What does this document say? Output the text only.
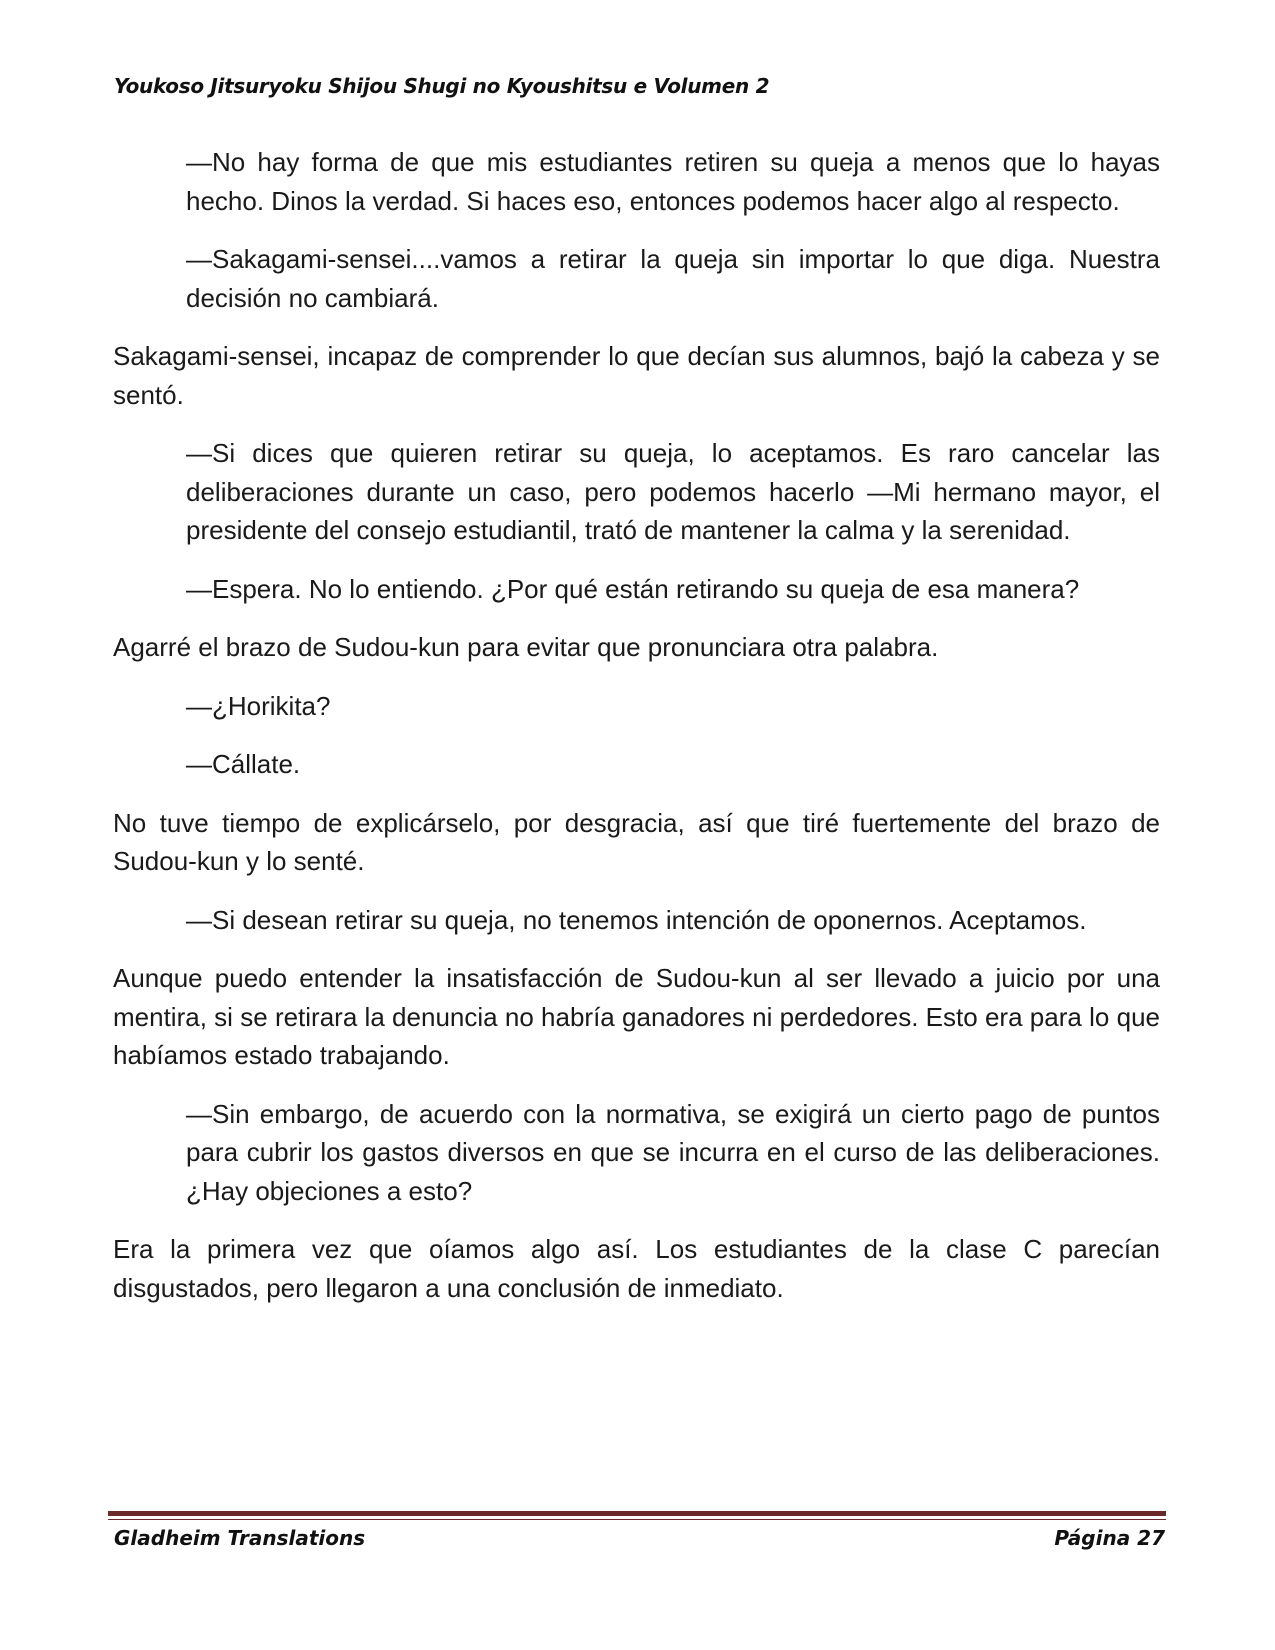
Youkoso Jitsuryoku Shijou Shugi no Kyoushitsu e Volumen 2

—No hay forma de que mis estudiantes retiren su queja a menos que lo hayas hecho. Dinos la verdad. Si haces eso, entonces podemos hacer algo al respecto.

—Sakagami-sensei....vamos a retirar la queja sin importar lo que diga. Nuestra decisión no cambiará.

Sakagami-sensei, incapaz de comprender lo que decían sus alumnos, bajó la cabeza y se sentó.

—Si dices que quieren retirar su queja, lo aceptamos. Es raro cancelar las deliberaciones durante un caso, pero podemos hacerlo —Mi hermano mayor, el presidente del consejo estudiantil, trató de mantener la calma y la serenidad.

—Espera. No lo entiendo. ¿Por qué están retirando su queja de esa manera?

Agarré el brazo de Sudou-kun para evitar que pronunciara otra palabra.

—¿Horikita?

—Cállate.

No tuve tiempo de explicárselo, por desgracia, así que tiré fuertemente del brazo de Sudou-kun y lo senté.

—Si desean retirar su queja, no tenemos intención de oponernos. Aceptamos.

Aunque puedo entender la insatisfacción de Sudou-kun al ser llevado a juicio por una mentira, si se retirara la denuncia no habría ganadores ni perdedores. Esto era para lo que habíamos estado trabajando.

—Sin embargo, de acuerdo con la normativa, se exigirá un cierto pago de puntos para cubrir los gastos diversos en que se incurra en el curso de las deliberaciones. ¿Hay objeciones a esto?

Era la primera vez que oíamos algo así. Los estudiantes de la clase C parecían disgustados, pero llegaron a una conclusión de inmediato.

Gladheim Translations	Página 27
